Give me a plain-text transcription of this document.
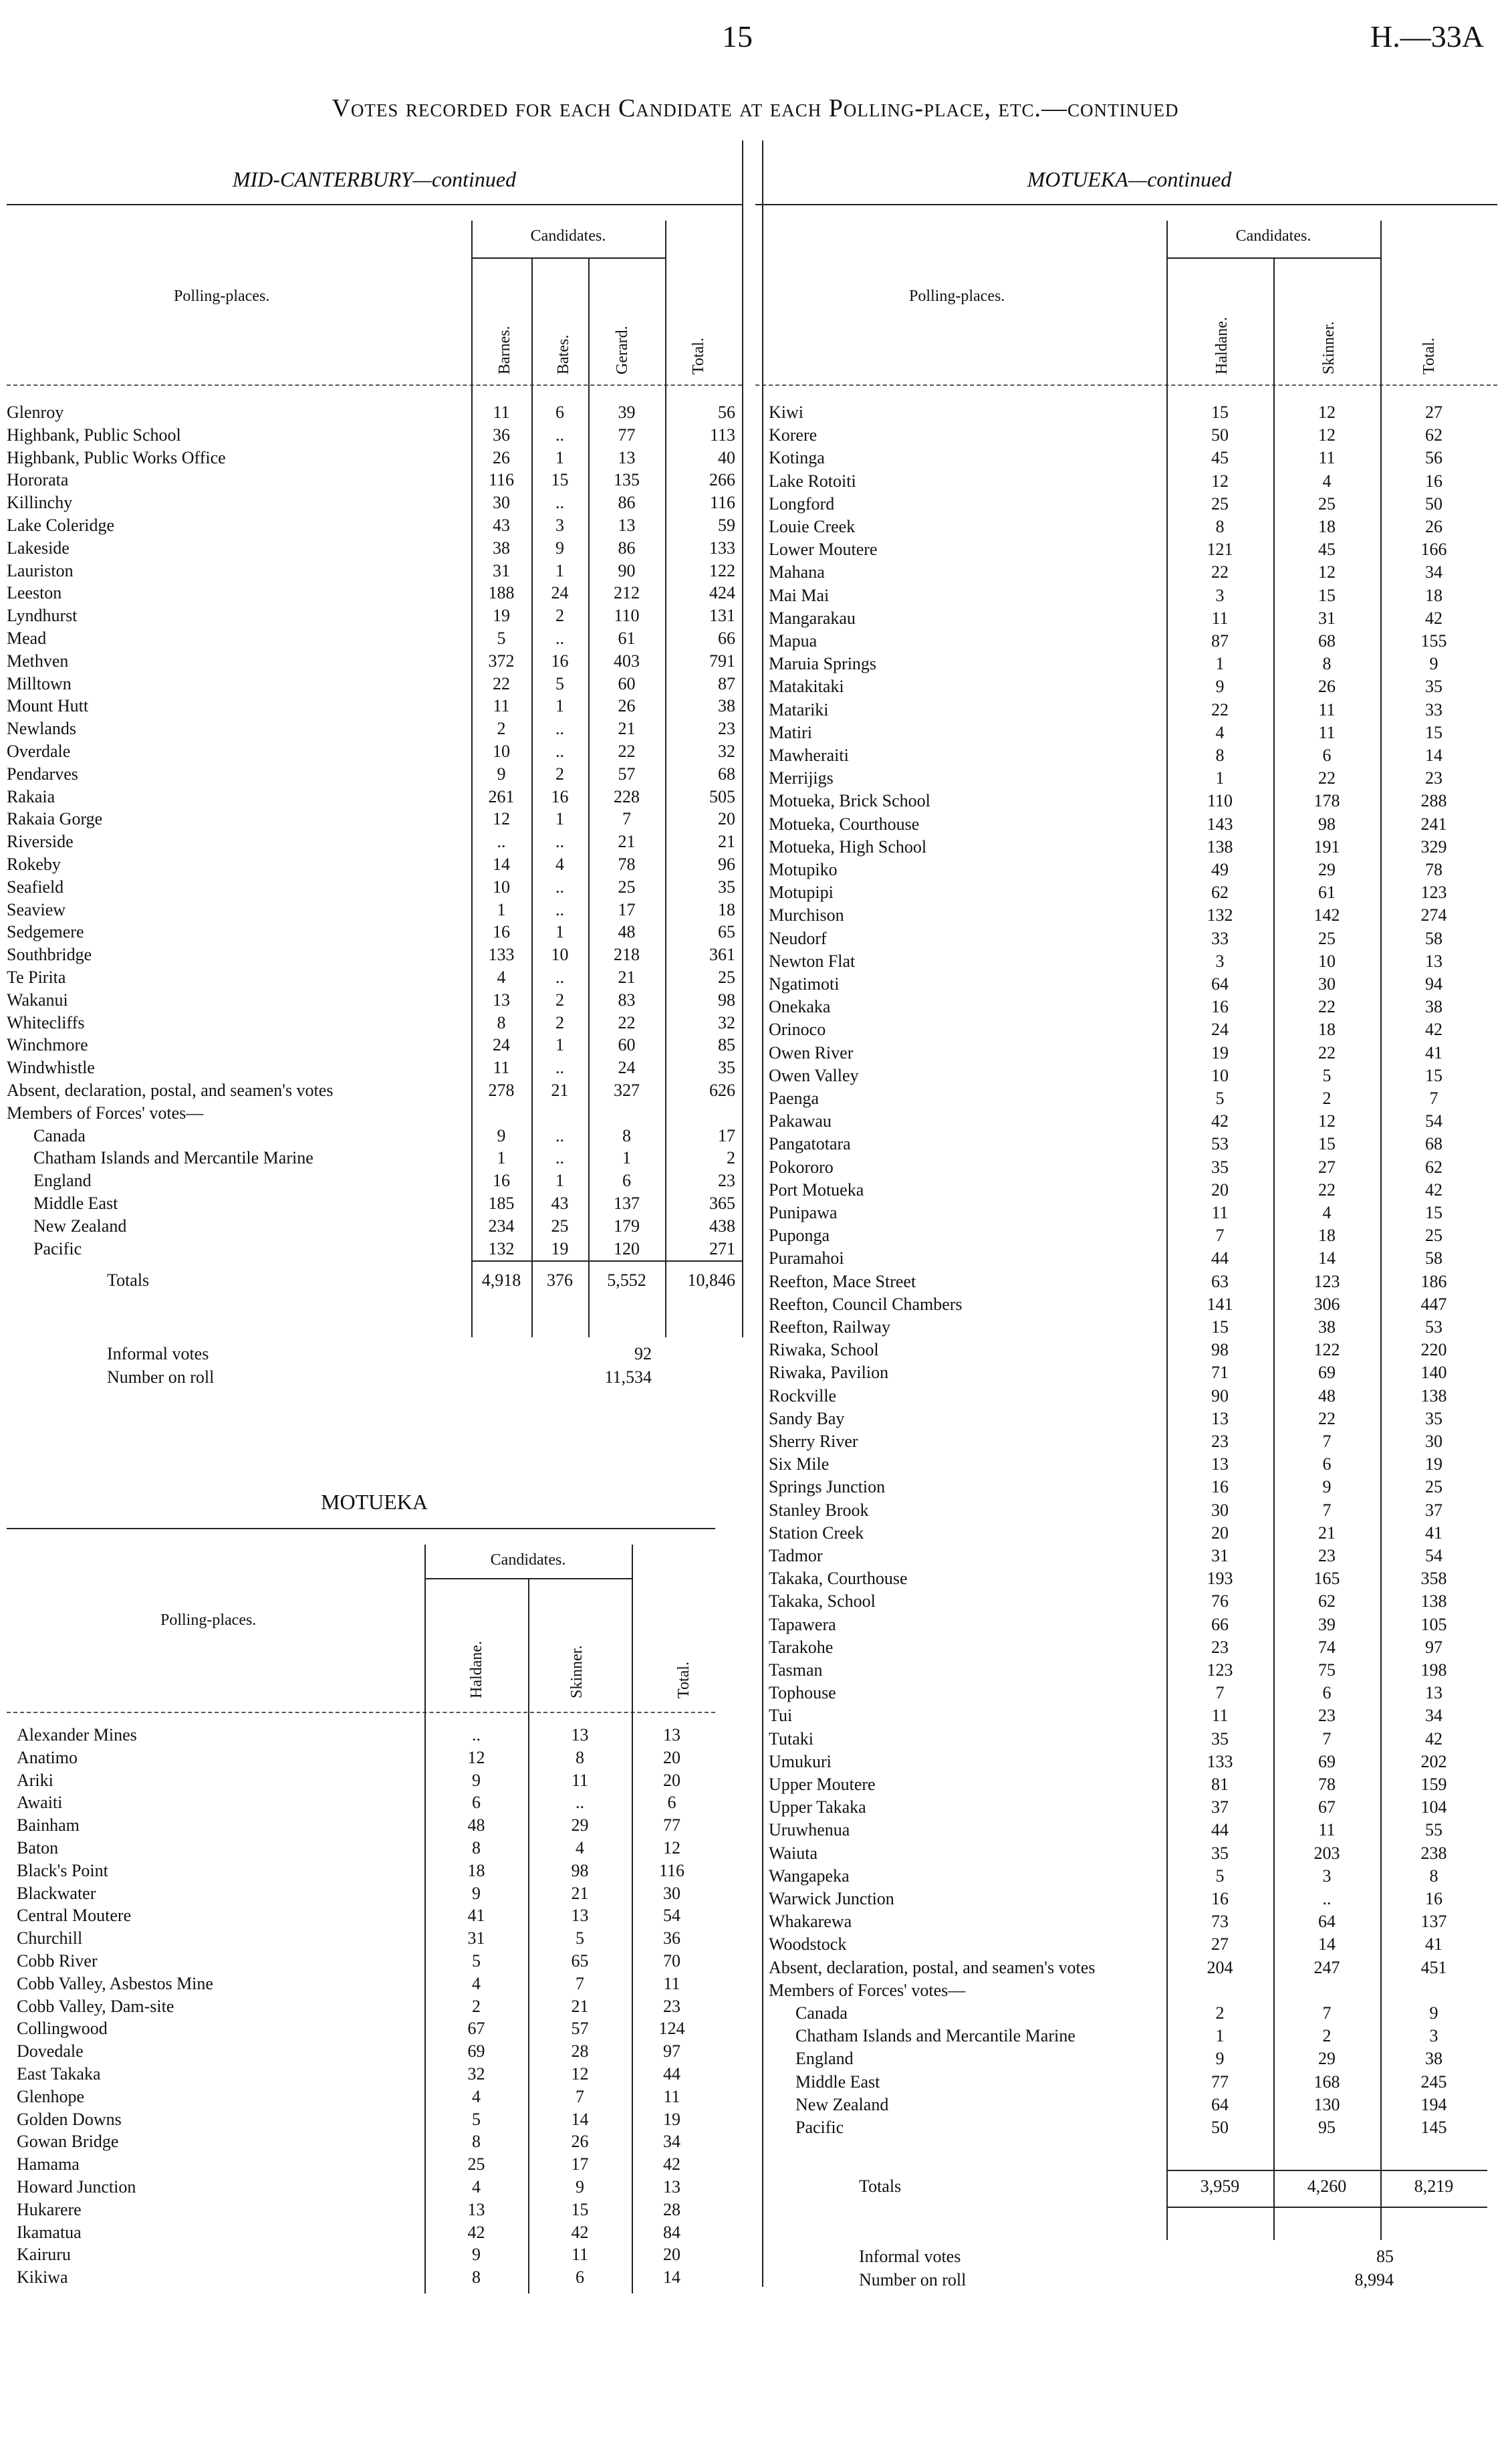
15	H.—33A
Votes recorded for each Candidate at each Polling-place, etc.—continued
MID-CANTERBURY—continued
Candidates.
Polling-places.
Barnes.	Bates.	Gerard.	Total.
Glenroy	11	6	39	56
Highbank, Public School	36	..	77	113
Highbank, Public Works Office	26	1	13	40
Hororata	116	15	135	266
Killinchy	30	..	86	116
Lake Coleridge	43	3	13	59
Lakeside	38	9	86	133
Lauriston	31	1	90	122
Leeston	188	24	212	424
Lyndhurst	19	2	110	131
Mead	5	..	61	66
Methven	372	16	403	791
Milltown	22	5	60	87
Mount Hutt	11	1	26	38
Newlands	2	..	21	23
Overdale	10	..	22	32
Pendarves	9	2	57	68
Rakaia	261	16	228	505
Rakaia Gorge	12	1	7	20
Riverside	..	..	21	21
Rokeby	14	4	78	96
Seafield	10	..	25	35
Seaview	1	..	17	18
Sedgemere	16	1	48	65
Southbridge	133	10	218	361
Te Pirita	4	..	21	25
Wakanui	13	2	83	98
Whitecliffs	8	2	22	32
Winchmore	24	1	60	85
Windwhistle	11	..	24	35
Absent, declaration, postal, and seamen's votes	278	21	327	626
Members of Forces' votes—
Canada	9	..	8	17
Chatham Islands and Mercantile Marine	1	..	1	2
England	16	1	6	23
Middle East	185	43	137	365
New Zealand	234	25	179	438
Pacific	132	19	120	271
Totals	4,918	376	5,552	10,846
Informal votes	92
Number on roll	11,534
MOTUEKA
Candidates.
Polling-places.
Haldane.	Skinner.	Total.
Alexander Mines	..	13	13
Anatimo	12	8	20
Ariki	9	11	20
Awaiti	6	..	6
Bainham	48	29	77
Baton	8	4	12
Black's Point	18	98	116
Blackwater	9	21	30
Central Moutere	41	13	54
Churchill	31	5	36
Cobb River	5	65	70
Cobb Valley, Asbestos Mine	4	7	11
Cobb Valley, Dam-site	2	21	23
Collingwood	67	57	124
Dovedale	69	28	97
East Takaka	32	12	44
Glenhope	4	7	11
Golden Downs	5	14	19
Gowan Bridge	8	26	34
Hamama	25	17	42
Howard Junction	4	9	13
Hukarere	13	15	28
Ikamatua	42	42	84
Kairuru	9	11	20
Kikiwa	8	6	14
MOTUEKA—continued
Candidates.
Polling-places.
Haldane.	Skinner.	Total.
Kiwi	15	12	27
Korere	50	12	62
Kotinga	45	11	56
Lake Rotoiti	12	4	16
Longford	25	25	50
Louie Creek	8	18	26
Lower Moutere	121	45	166
Mahana	22	12	34
Mai Mai	3	15	18
Mangarakau	11	31	42
Mapua	87	68	155
Maruia Springs	1	8	9
Matakitaki	9	26	35
Matariki	22	11	33
Matiri	4	11	15
Mawheraiti	8	6	14
Merrijigs	1	22	23
Motueka, Brick School	110	178	288
Motueka, Courthouse	143	98	241
Motueka, High School	138	191	329
Motupiko	49	29	78
Motupipi	62	61	123
Murchison	132	142	274
Neudorf	33	25	58
Newton Flat	3	10	13
Ngatimoti	64	30	94
Onekaka	16	22	38
Orinoco	24	18	42
Owen River	19	22	41
Owen Valley	10	5	15
Paenga	5	2	7
Pakawau	42	12	54
Pangatotara	53	15	68
Pokororo	35	27	62
Port Motueka	20	22	42
Punipawa	11	4	15
Puponga	7	18	25
Puramahoi	44	14	58
Reefton, Mace Street	63	123	186
Reefton, Council Chambers	141	306	447
Reefton, Railway	15	38	53
Riwaka, School	98	122	220
Riwaka, Pavilion	71	69	140
Rockville	90	48	138
Sandy Bay	13	22	35
Sherry River	23	7	30
Six Mile	13	6	19
Springs Junction	16	9	25
Stanley Brook	30	7	37
Station Creek	20	21	41
Tadmor	31	23	54
Takaka, Courthouse	193	165	358
Takaka, School	76	62	138
Tapawera	66	39	105
Tarakohe	23	74	97
Tasman	123	75	198
Tophouse	7	6	13
Tui	11	23	34
Tutaki	35	7	42
Umukuri	133	69	202
Upper Moutere	81	78	159
Upper Takaka	37	67	104
Uruwhenua	44	11	55
Waiuta	35	203	238
Wangapeka	5	3	8
Warwick Junction	16	..	16
Whakarewa	73	64	137
Woodstock	27	14	41
Absent, declaration, postal, and seamen's votes	204	247	451
Members of Forces' votes—
Canada	2	7	9
Chatham Islands and Mercantile Marine	1	2	3
England	9	29	38
Middle East	77	168	245
New Zealand	64	130	194
Pacific	50	95	145
Totals	3,959	4,260	8,219
Informal votes	85
Number on roll	8,994
